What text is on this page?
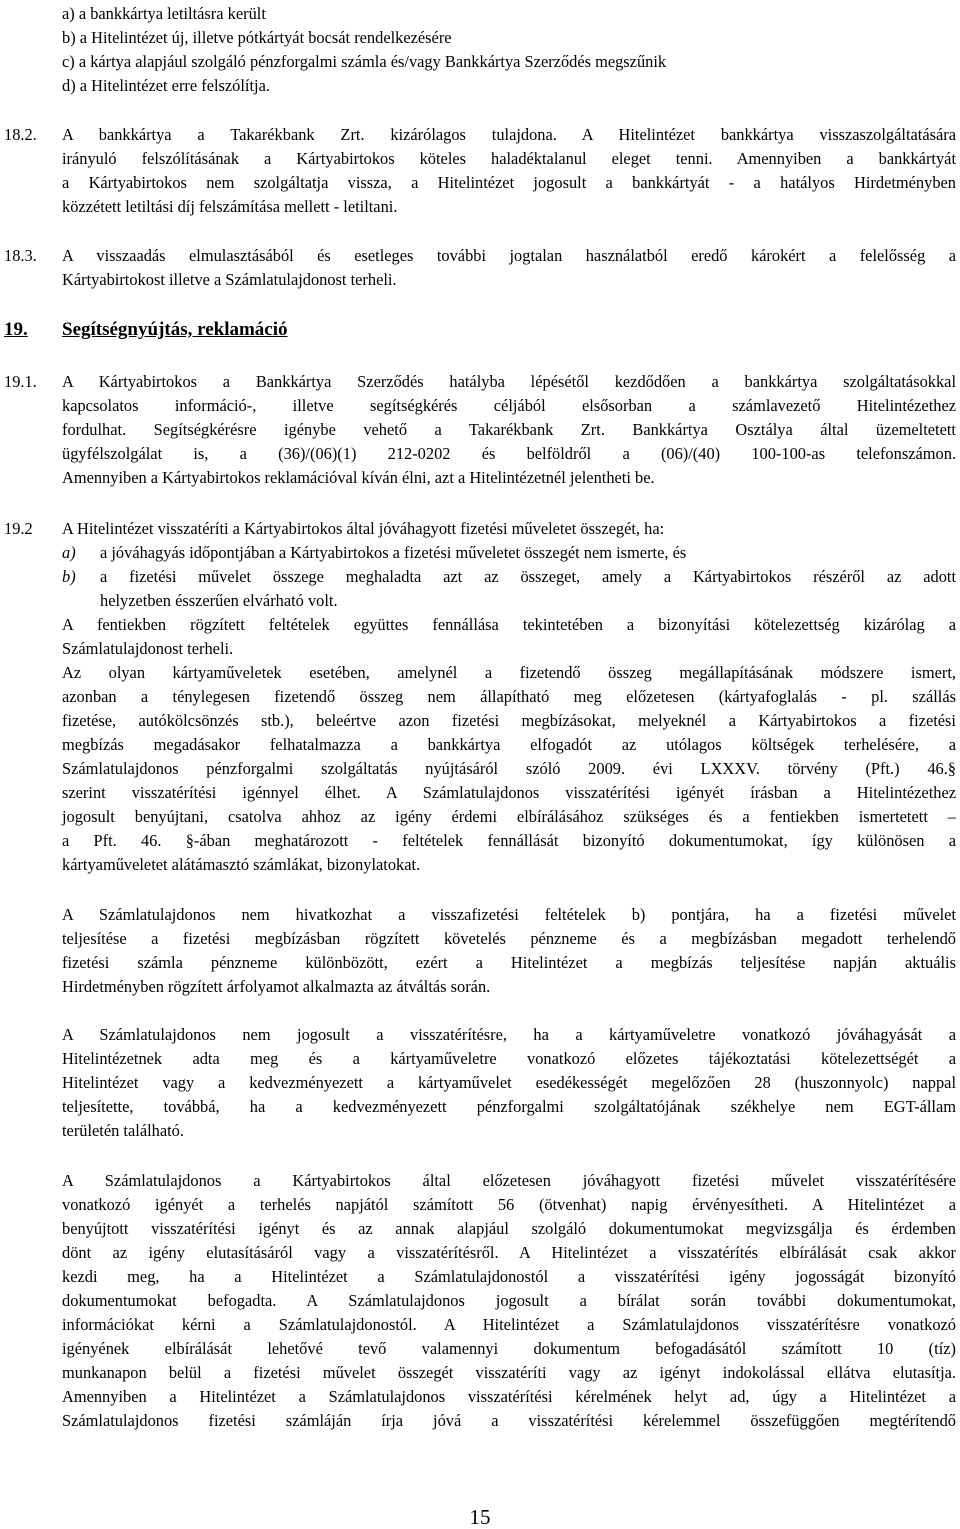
a) a bankkártya letiltásra került

b) a Hitelintézet új, illetve pótkártyát bocsát rendelkezésére

c) a kártya alapjául szolgáló pénzforgalmi számla és/vagy Bankkártya Szerződés megszűnik

d) a Hitelintézet erre felszólítja.

18.2. A bankkártya a Takarékbank Zrt. kizárólagos tulajdona. A Hitelintézet bankkártya visszaszolgáltatására

irányuló felszólításának a Kártyabirtokos köteles haladéktalanul eleget tenni. Amennyiben a bankkártyát

a Kártyabirtokos nem szolgáltatja vissza, a Hitelintézet jogosult a bankkártyát - a hatályos Hirdetményben

közzétett letiltási díj felszámítása mellett - letiltani.

18.3. A visszaadás elmulasztásából és esetleges további jogtalan használatból eredő károkért a felelősség a

Kártyabirtokost illetve a Számlatulajdonost terheli.

19. Segítségnyújtás, reklamáció
19.1. A Kártyabirtokos a Bankkártya Szerződés hatályba lépésétől kezdődően a bankkártya szolgáltatásokkal

kapcsolatos információ-, illetve segítségkérés céljából elsősorban a számlavezető Hitelintézethez

fordulhat. Segítségkérésre igénybe vehető a Takarékbank Zrt. Bankkártya Osztálya által üzemeltetett

ügyfélszolgálat is, a (36)/(06)(1) 212-0202 és belföldről a (06)/(40) 100-100-as telefonszámon.

Amennyiben a Kártyabirtokos reklamációval kíván élni, azt a Hitelintézetnél jelentheti be.

19.2 A Hitelintézet visszatéríti a Kártyabirtokos által jóváhagyott fizetési műveletet összegét, ha:

a) a jóváhagyás időpontjában a Kártyabirtokos a fizetési műveletet összegét nem ismerte, és

b) a fizetési művelet összege meghaladta azt az összeget, amely a Kártyabirtokos részéről az adott

helyzetben ésszerűen elvárható volt.

A fentiekben rögzített feltételek együttes fennállása tekintetében a bizonyítási kötelezettség kizárólag a

Számlatulajdonost terheli.

Az olyan kártyaműveletek esetében, amelynél a fizetendő összeg megállapításának módszere ismert,

azonban a ténylegesen fizetendő összeg nem állapítható meg előzetesen (kártyafoglalás - pl. szállás

fizetése, autókölcsönzés stb.), beleértve azon fizetési megbízásokat, melyeknél a Kártyabirtokos a fizetési

megbízás megadásakor felhatalmazza a bankkártya elfogadót az utólagos költségek terhelésére, a

Számlatulajdonos pénzforgalmi szolgáltatás nyújtásáról szóló 2009. évi LXXXV. törvény (Pft.) 46.§

szerint visszatérítési igénnyel élhet. A Számlatulajdonos visszatérítési igényét írásban a Hitelintézethez

jogosult benyújtani, csatolva ahhoz az igény érdemi elbírálásához szükséges és a fentiekben ismertetett –

a Pft. 46. §-ában meghatározott - feltételek fennállását bizonyító dokumentumokat, így különösen a

kártyaműveletet alátámasztó számlákat, bizonylatokat.

A Számlatulajdonos nem hivatkozhat a visszafizetési feltételek b) pontjára, ha a fizetési művelet

teljesítése a fizetési megbízásban rögzített követelés pénzneme és a megbízásban megadott terhelendő

fizetési számla pénzneme különbözött, ezért a Hitelintézet a megbízás teljesítése napján aktuális

Hirdetményben rögzített árfolyamot alkalmazta az átváltás során.

A Számlatulajdonos nem jogosult a visszatérítésre, ha a kártyaműveletre vonatkozó jóváhagyását a

Hitelintézetnek adta meg és a kártyaműveletre vonatkozó előzetes tájékoztatási kötelezettségét a

Hitelintézet vagy a kedvezményezett a kártyaművelet esedékességét megelőzően 28 (huszonnyolc) nappal

teljesítette, továbbá, ha a kedvezményezett pénzforgalmi szolgáltatójának székhelye nem EGT-állam

területén található.

A Számlatulajdonos a Kártyabirtokos által előzetesen jóváhagyott fizetési művelet visszatérítésére

vonatkozó igényét a terhelés napjától számított 56 (ötvenhat) napig érvényesítheti. A Hitelintézet a

benyújtott visszatérítési igényt és az annak alapjául szolgáló dokumentumokat megvizsgálja és érdemben

dönt az igény elutasításáról vagy a visszatérítésről. A Hitelintézet a visszatérítés elbírálását csak akkor

kezdi meg, ha a Hitelintézet a Számlatulajdonostól a visszatérítési igény jogosságát bizonyító

dokumentumokat befogadta. A Számlatulajdonos jogosult a bírálat során további dokumentumokat,

információkat kérni a Számlatulajdonostól. A Hitelintézet a Számlatulajdonos visszatérítésre vonatkozó

igényének elbírálását lehetővé tevő valamennyi dokumentum befogadásától számított 10 (tíz)

munkanapon belül a fizetési művelet összegét visszatéríti vagy az igényt indokolással ellátva elutasítja.

Amennyiben a Hitelintézet a Számlatulajdonos visszatérítési kérelmének helyt ad, úgy a Hitelintézet a

Számlatulajdonos fizetési számláján írja jóvá a visszatérítési kérelemmel összefüggően megtérítendő

15
